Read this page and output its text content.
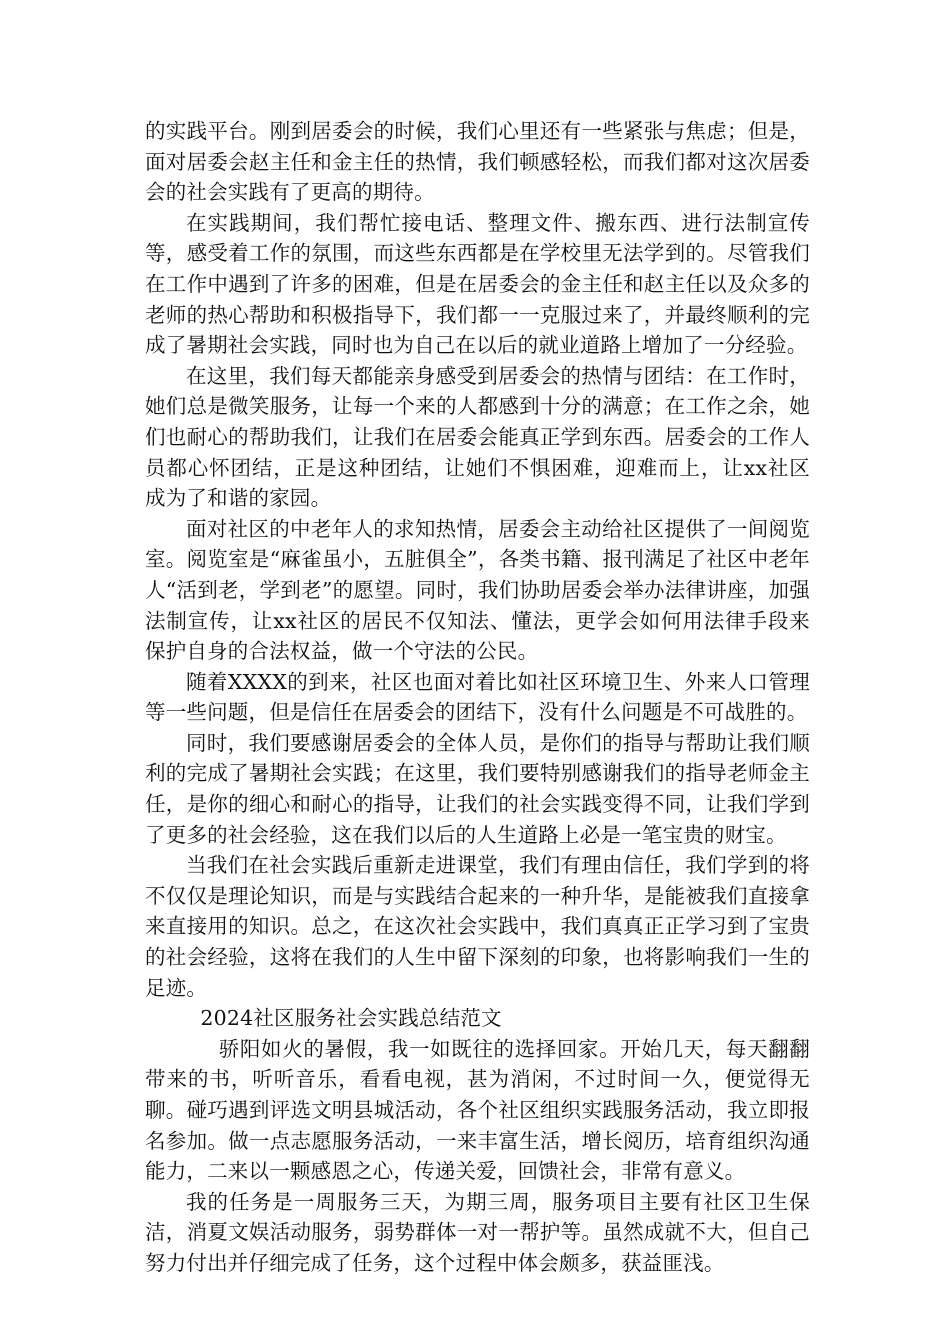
的实践平台。刚到居委会的时候，我们心里还有一些紧张与焦虑；但是，面对居委会赵主任和金主任的热情，我们顿感轻松，而我们都对这次居委会的社会实践有了更高的期待。

在实践期间，我们帮忙接电话、整理文件、搬东西、进行法制宣传等，感受着工作的氛围，而这些东西都是在学校里无法学到的。尽管我们在工作中遇到了许多的困难，但是在居委会的金主任和赵主任以及众多的老师的热心帮助和积极指导下，我们都一一克服过来了，并最终顺利的完成了暑期社会实践，同时也为自己在以后的就业道路上增加了一分经验。

在这里，我们每天都能亲身感受到居委会的热情与团结：在工作时，她们总是微笑服务，让每一个来的人都感到十分的满意；在工作之余，她们也耐心的帮助我们，让我们在居委会能真正学到东西。居委会的工作人员都心怀团结，正是这种团结，让她们不惧困难，迎难而上，让xx社区成为了和谐的家园。

面对社区的中老年人的求知热情，居委会主动给社区提供了一间阅览室。阅览室是“麻雀虽小，五脏俱全”，各类书籍、报刊满足了社区中老年人“活到老，学到老”的愿望。同时，我们协助居委会举办法律讲座，加强法制宣传，让xx社区的居民不仅知法、懂法，更学会如何用法律手段来保护自身的合法权益，做一个守法的公民。

随着XXXX的到来，社区也面对着比如社区环境卫生、外来人口管理等一些问题，但是信任在居委会的团结下，没有什么问题是不可战胜的。

同时，我们要感谢居委会的全体人员，是你们的指导与帮助让我们顺利的完成了暑期社会实践；在这里，我们要特别感谢我们的指导老师金主任，是你的细心和耐心的指导，让我们的社会实践变得不同，让我们学到了更多的社会经验，这在我们以后的人生道路上必是一笔宝贵的财宝。

当我们在社会实践后重新走进课堂，我们有理由信任，我们学到的将不仅仅是理论知识，而是与实践结合起来的一种升华，是能被我们直接拿来直接用的知识。总之，在这次社会实践中，我们真真正正学习到了宝贵的社会经验，这将在我们的人生中留下深刻的印象，也将影响我们一生的足迹。

2024社区服务社会实践总结范文

骄阳如火的暑假，我一如既往的选择回家。开始几天，每天翻翻带来的书，听听音乐，看看电视，甚为消闲，不过时间一久，便觉得无聊。碰巧遇到评选文明县城活动，各个社区组织实践服务活动，我立即报名参加。做一点志愿服务活动，一来丰富生活，增长阅历，培育组织沟通能力，二来以一颗感恩之心，传递关爱，回馈社会，非常有意义。

我的任务是一周服务三天，为期三周，服务项目主要有社区卫生保洁，消夏文娱活动服务，弱势群体一对一帮护等。虽然成就不大，但自己努力付出并仔细完成了任务，这个过程中体会颇多，获益匪浅。
